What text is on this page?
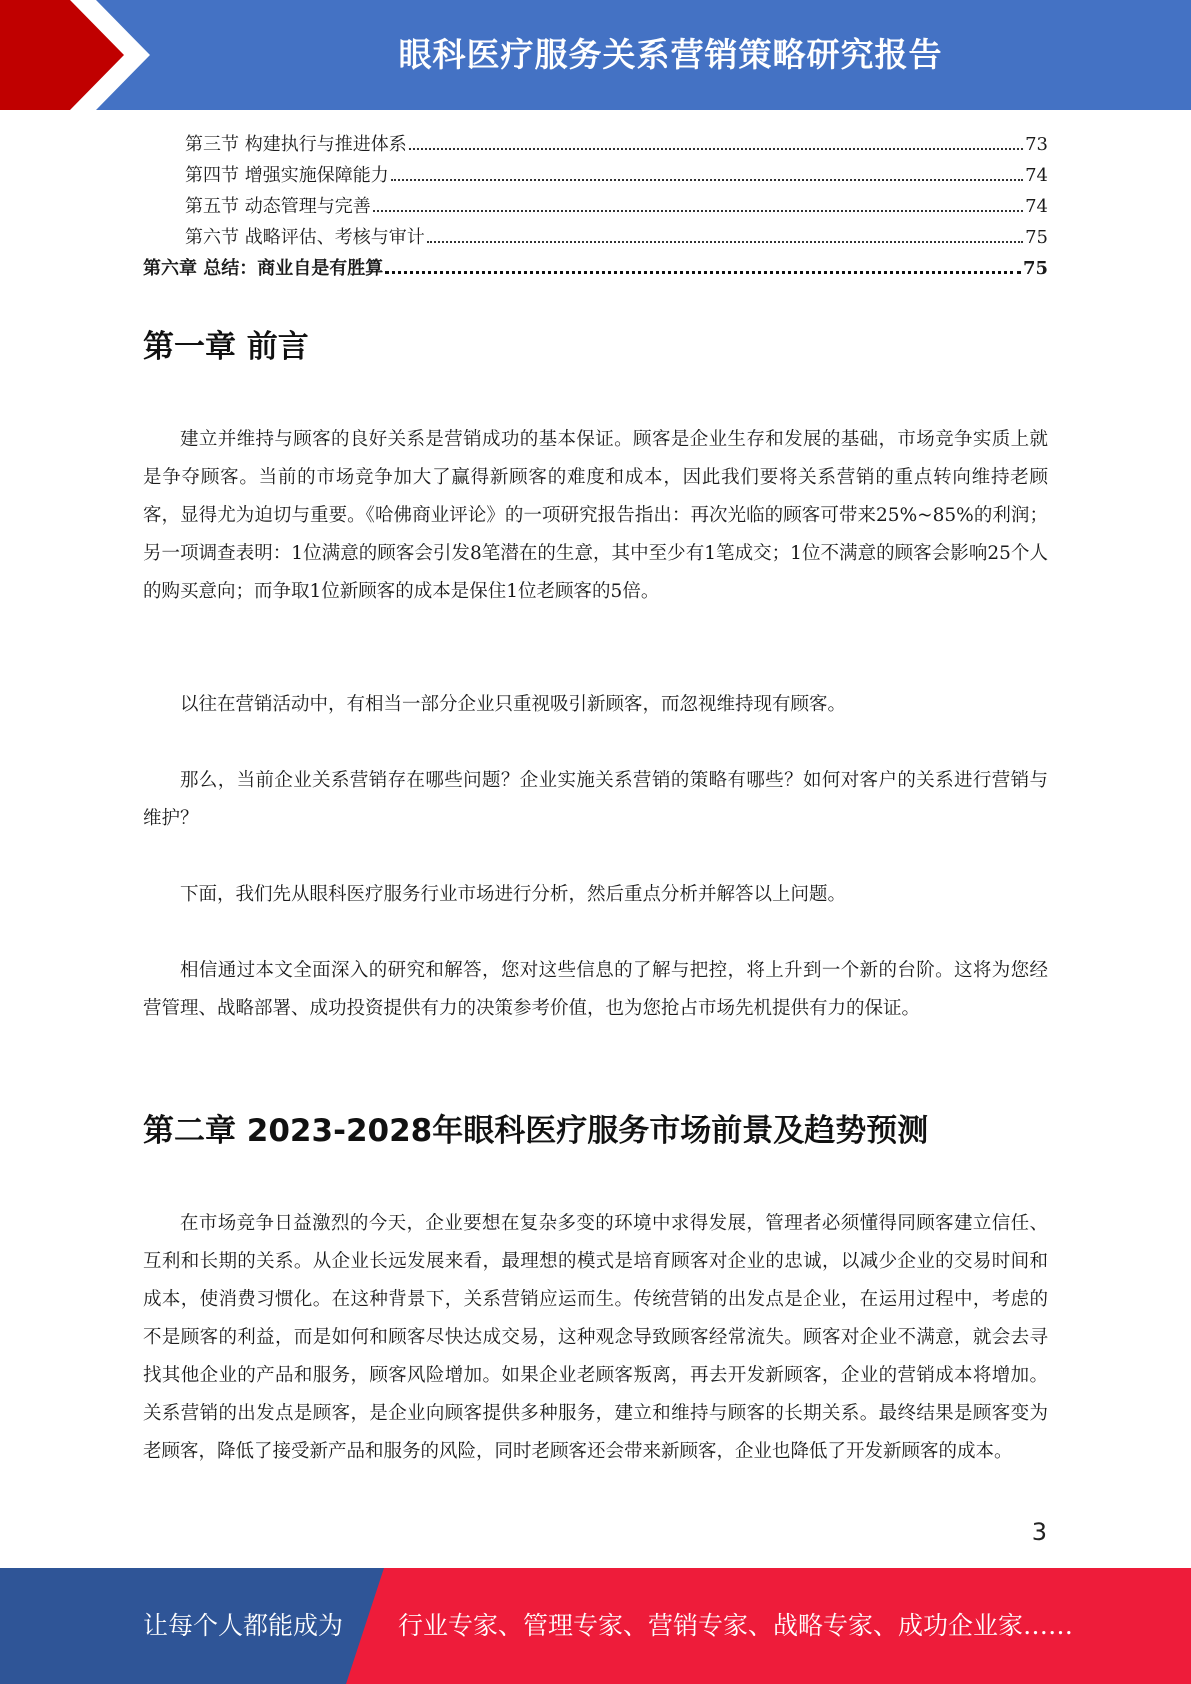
眼科医疗服务关系营销策略研究报告
第三节 构建执行与推进体系	73
第四节 增强实施保障能力	74
第五节 动态管理与完善	74
第六节 战略评估、考核与审计	75
第六章 总结：商业自是有胜算	75
第一章 前言

建立并维持与顾客的良好关系是营销成功的基本保证。顾客是企业生存和发展的基础，市场竞争实质上就是争夺顾客。当前的市场竞争加大了赢得新顾客的难度和成本，因此我们要将关系营销的重点转向维持老顾客，显得尤为迫切与重要。《哈佛商业评论》的一项研究报告指出：再次光临的顾客可带来25%~85%的利润；另一项调查表明：1位满意的顾客会引发8笔潜在的生意，其中至少有1笔成交；1位不满意的顾客会影响25个人的购买意向；而争取1位新顾客的成本是保住1位老顾客的5倍。

以往在营销活动中，有相当一部分企业只重视吸引新顾客，而忽视维持现有顾客。

那么，当前企业关系营销存在哪些问题？企业实施关系营销的策略有哪些？如何对客户的关系进行营销与维护？

下面，我们先从眼科医疗服务行业市场进行分析，然后重点分析并解答以上问题。

相信通过本文全面深入的研究和解答，您对这些信息的了解与把控，将上升到一个新的台阶。这将为您经营管理、战略部署、成功投资提供有力的决策参考价值，也为您抢占市场先机提供有力的保证。

第二章 2023-2028年眼科医疗服务市场前景及趋势预测

在市场竞争日益激烈的今天，企业要想在复杂多变的环境中求得发展，管理者必须懂得同顾客建立信任、互利和长期的关系。从企业长远发展来看，最理想的模式是培育顾客对企业的忠诚，以减少企业的交易时间和成本，使消费习惯化。在这种背景下，关系营销应运而生。传统营销的出发点是企业，在运用过程中，考虑的不是顾客的利益，而是如何和顾客尽快达成交易，这种观念导致顾客经常流失。顾客对企业不满意，就会去寻找其他企业的产品和服务，顾客风险增加。如果企业老顾客叛离，再去开发新顾客，企业的营销成本将增加。关系营销的出发点是顾客，是企业向顾客提供多种服务，建立和维持与顾客的长期关系。最终结果是顾客变为老顾客，降低了接受新产品和服务的风险，同时老顾客还会带来新顾客，企业也降低了开发新顾客的成本。

3
让每个人都能成为 行业专家、管理专家、营销专家、战略专家、成功企业家……
